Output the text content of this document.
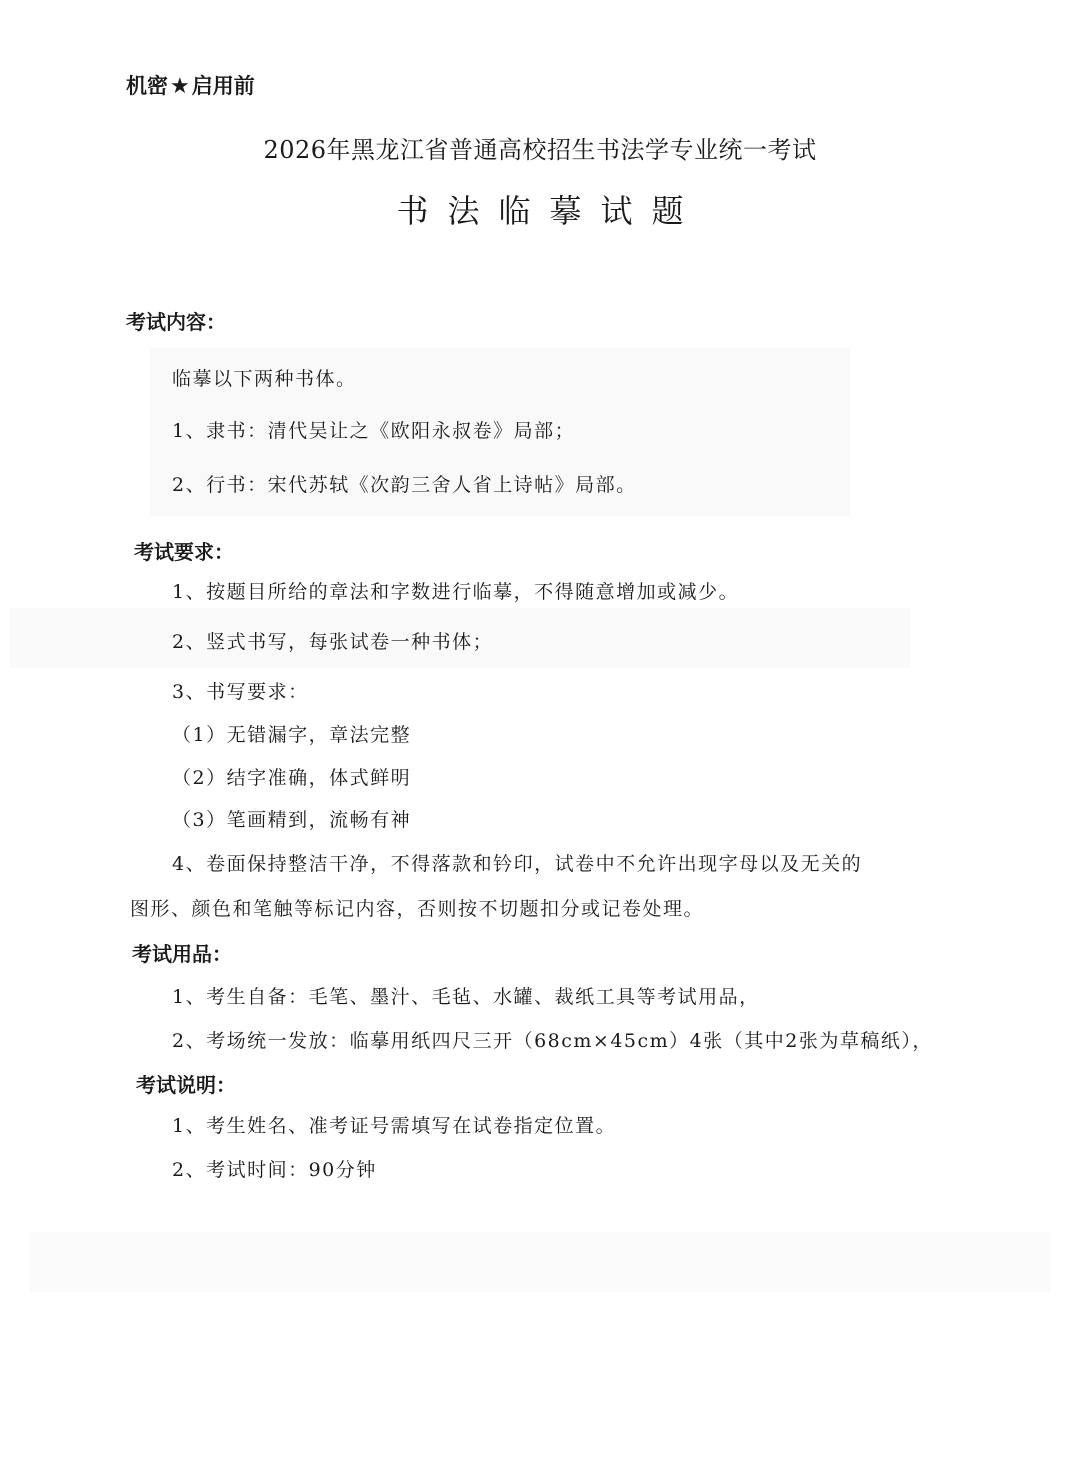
机密★启用前
2026年黑龙江省普通高校招生书法学专业统一考试
书法临摹试题
考试内容：
临摹以下两种书体。
1、隶书：清代吴让之《欧阳永叔卷》局部；
2、行书：宋代苏轼《次韵三舍人省上诗帖》局部。
考试要求：
1、按题目所给的章法和字数进行临摹，不得随意增加或减少。
2、竖式书写，每张试卷一种书体；
3、书写要求：
（1）无错漏字，章法完整
（2）结字准确，体式鲜明
（3）笔画精到，流畅有神
4、卷面保持整洁干净，不得落款和钤印，试卷中不允许出现字母以及无关的
图形、颜色和笔触等标记内容，否则按不切题扣分或记卷处理。
考试用品：
1、考生自备：毛笔、墨汁、毛毡、水罐、裁纸工具等考试用品，
2、考场统一发放：临摹用纸四尺三开（68cm×45cm）4张（其中2张为草稿纸），
考试说明：
1、考生姓名、准考证号需填写在试卷指定位置。
2、考试时间：90分钟
